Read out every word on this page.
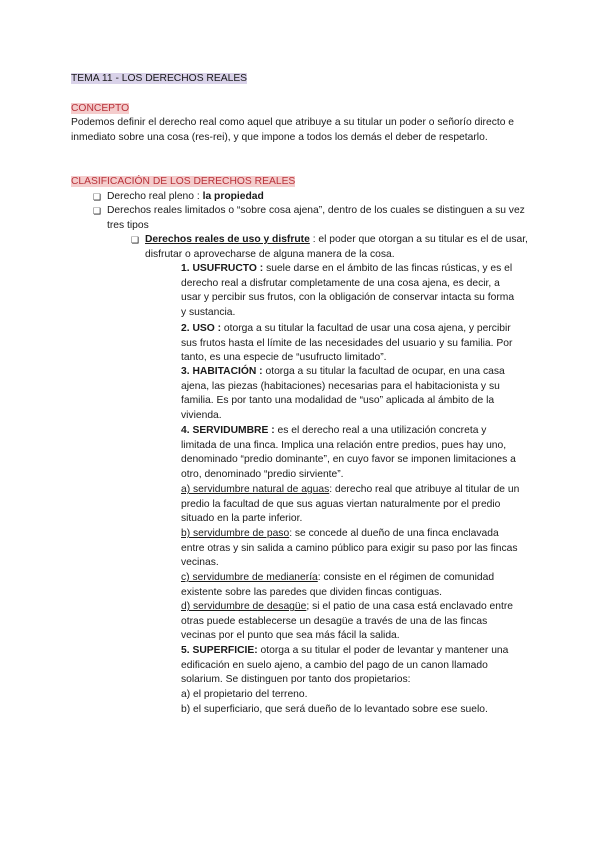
TEMA 11 - LOS DERECHOS REALES
CONCEPTO

Podemos definir el derecho real como aquel que atribuye a su titular un poder o señorío directo e inmediato sobre una cosa (res-rei), y que impone a todos los demás el deber de respetarlo.

CLASIFICACIÓN DE LOS DERECHOS REALES
❏ Derecho real pleno : la propiedad
❏ Derechos reales limitados o “sobre cosa ajena”, dentro de los cuales se distinguen a su vez tres tipos
❏ Derechos reales de uso y disfrute : el poder que otorgan a su titular es el de usar, disfrutar o aprovecharse de alguna manera de la cosa.

1. USUFRUCTO : suele darse en el ámbito de las fincas rústicas, y es el derecho real a disfrutar completamente de una cosa ajena, es decir, a usar y percibir sus frutos, con la obligación de conservar intacta su forma y sustancia.

2. USO : otorga a su titular la facultad de usar una cosa ajena, y percibir sus frutos hasta el límite de las necesidades del usuario y su familia. Por tanto, es una especie de “usufructo limitado”.

3. HABITACIÓN : otorga a su titular la facultad de ocupar, en una casa ajena, las piezas (habitaciones) necesarias para el habitacionista y su familia. Es por tanto una modalidad de “uso” aplicada al ámbito de la vivienda.

4. SERVIDUMBRE : es el derecho real a una utilización concreta y limitada de una finca. Implica una relación entre predios, pues hay uno, denominado “predio dominante”, en cuyo favor se imponen limitaciones a otro, denominado “predio sirviente”.

a) servidumbre natural de aguas: derecho real que atribuye al titular de un predio la facultad de que sus aguas viertan naturalmente por el predio situado en la parte inferior.

b) servidumbre de paso: se concede al dueño de una finca enclavada entre otras y sin salida a camino público para exigir su paso por las fincas vecinas.

c) servidumbre de medianería: consiste en el régimen de comunidad existente sobre las paredes que dividen fincas contiguas.

d) servidumbre de desagüe; si el patio de una casa está enclavado entre otras puede establecerse un desagüe a través de una de las fincas vecinas por el punto que sea más fácil la salida.

5. SUPERFICIE: otorga a su titular el poder de levantar y mantener una edificación en suelo ajeno, a cambio del pago de un canon llamado solarium. Se distinguen por tanto dos propietarios:

a) el propietario del terreno.

b) el superficiario, que será dueño de lo levantado sobre ese suelo.
